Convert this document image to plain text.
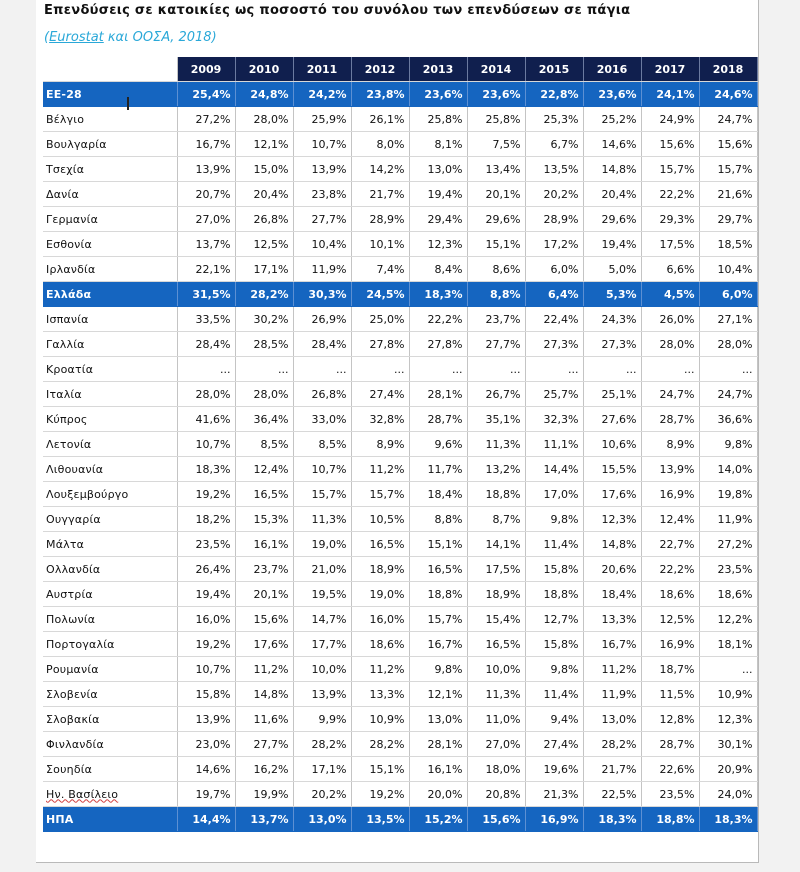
Επενδύσεις σε κατοικίες ως ποσοστό του συνόλου των επενδύσεων σε πάγια
(Eurostat και ΟΟΣΑ, 2018)
	2009	2010	2011	2012	2013	2014	2015	2016	2017	2018
ΕΕ-28	25,4%	24,8%	24,2%	23,8%	23,6%	23,6%	22,8%	23,6%	24,1%	24,6%
Βέλγιο	27,2%	28,0%	25,9%	26,1%	25,8%	25,8%	25,3%	25,2%	24,9%	24,7%
Βουλγαρία	16,7%	12,1%	10,7%	8,0%	8,1%	7,5%	6,7%	14,6%	15,6%	15,6%
Τσεχία	13,9%	15,0%	13,9%	14,2%	13,0%	13,4%	13,5%	14,8%	15,7%	15,7%
Δανία	20,7%	20,4%	23,8%	21,7%	19,4%	20,1%	20,2%	20,4%	22,2%	21,6%
Γερμανία	27,0%	26,8%	27,7%	28,9%	29,4%	29,6%	28,9%	29,6%	29,3%	29,7%
Εσθονία	13,7%	12,5%	10,4%	10,1%	12,3%	15,1%	17,2%	19,4%	17,5%	18,5%
Ιρλανδία	22,1%	17,1%	11,9%	7,4%	8,4%	8,6%	6,0%	5,0%	6,6%	10,4%
Ελλάδα	31,5%	28,2%	30,3%	24,5%	18,3%	8,8%	6,4%	5,3%	4,5%	6,0%
Ισπανία	33,5%	30,2%	26,9%	25,0%	22,2%	23,7%	22,4%	24,3%	26,0%	27,1%
Γαλλία	28,4%	28,5%	28,4%	27,8%	27,8%	27,7%	27,3%	27,3%	28,0%	28,0%
Κροατία	...	...	...	...	...	...	...	...	...	...
Ιταλία	28,0%	28,0%	26,8%	27,4%	28,1%	26,7%	25,7%	25,1%	24,7%	24,7%
Κύπρος	41,6%	36,4%	33,0%	32,8%	28,7%	35,1%	32,3%	27,6%	28,7%	36,6%
Λετονία	10,7%	8,5%	8,5%	8,9%	9,6%	11,3%	11,1%	10,6%	8,9%	9,8%
Λιθουανία	18,3%	12,4%	10,7%	11,2%	11,7%	13,2%	14,4%	15,5%	13,9%	14,0%
Λουξεμβούργο	19,2%	16,5%	15,7%	15,7%	18,4%	18,8%	17,0%	17,6%	16,9%	19,8%
Ουγγαρία	18,2%	15,3%	11,3%	10,5%	8,8%	8,7%	9,8%	12,3%	12,4%	11,9%
Μάλτα	23,5%	16,1%	19,0%	16,5%	15,1%	14,1%	11,4%	14,8%	22,7%	27,2%
Ολλανδία	26,4%	23,7%	21,0%	18,9%	16,5%	17,5%	15,8%	20,6%	22,2%	23,5%
Αυστρία	19,4%	20,1%	19,5%	19,0%	18,8%	18,9%	18,8%	18,4%	18,6%	18,6%
Πολωνία	16,0%	15,6%	14,7%	16,0%	15,7%	15,4%	12,7%	13,3%	12,5%	12,2%
Πορτογαλία	19,2%	17,6%	17,7%	18,6%	16,7%	16,5%	15,8%	16,7%	16,9%	18,1%
Ρουμανία	10,7%	11,2%	10,0%	11,2%	9,8%	10,0%	9,8%	11,2%	18,7%	...
Σλοβενία	15,8%	14,8%	13,9%	13,3%	12,1%	11,3%	11,4%	11,9%	11,5%	10,9%
Σλοβακία	13,9%	11,6%	9,9%	10,9%	13,0%	11,0%	9,4%	13,0%	12,8%	12,3%
Φινλανδία	23,0%	27,7%	28,2%	28,2%	28,1%	27,0%	27,4%	28,2%	28,7%	30,1%
Σουηδία	14,6%	16,2%	17,1%	15,1%	16,1%	18,0%	19,6%	21,7%	22,6%	20,9%
Ην. Βασίλειο	19,7%	19,9%	20,2%	19,2%	20,0%	20,8%	21,3%	22,5%	23,5%	24,0%
ΗΠΑ	14,4%	13,7%	13,0%	13,5%	15,2%	15,6%	16,9%	18,3%	18,8%	18,3%
